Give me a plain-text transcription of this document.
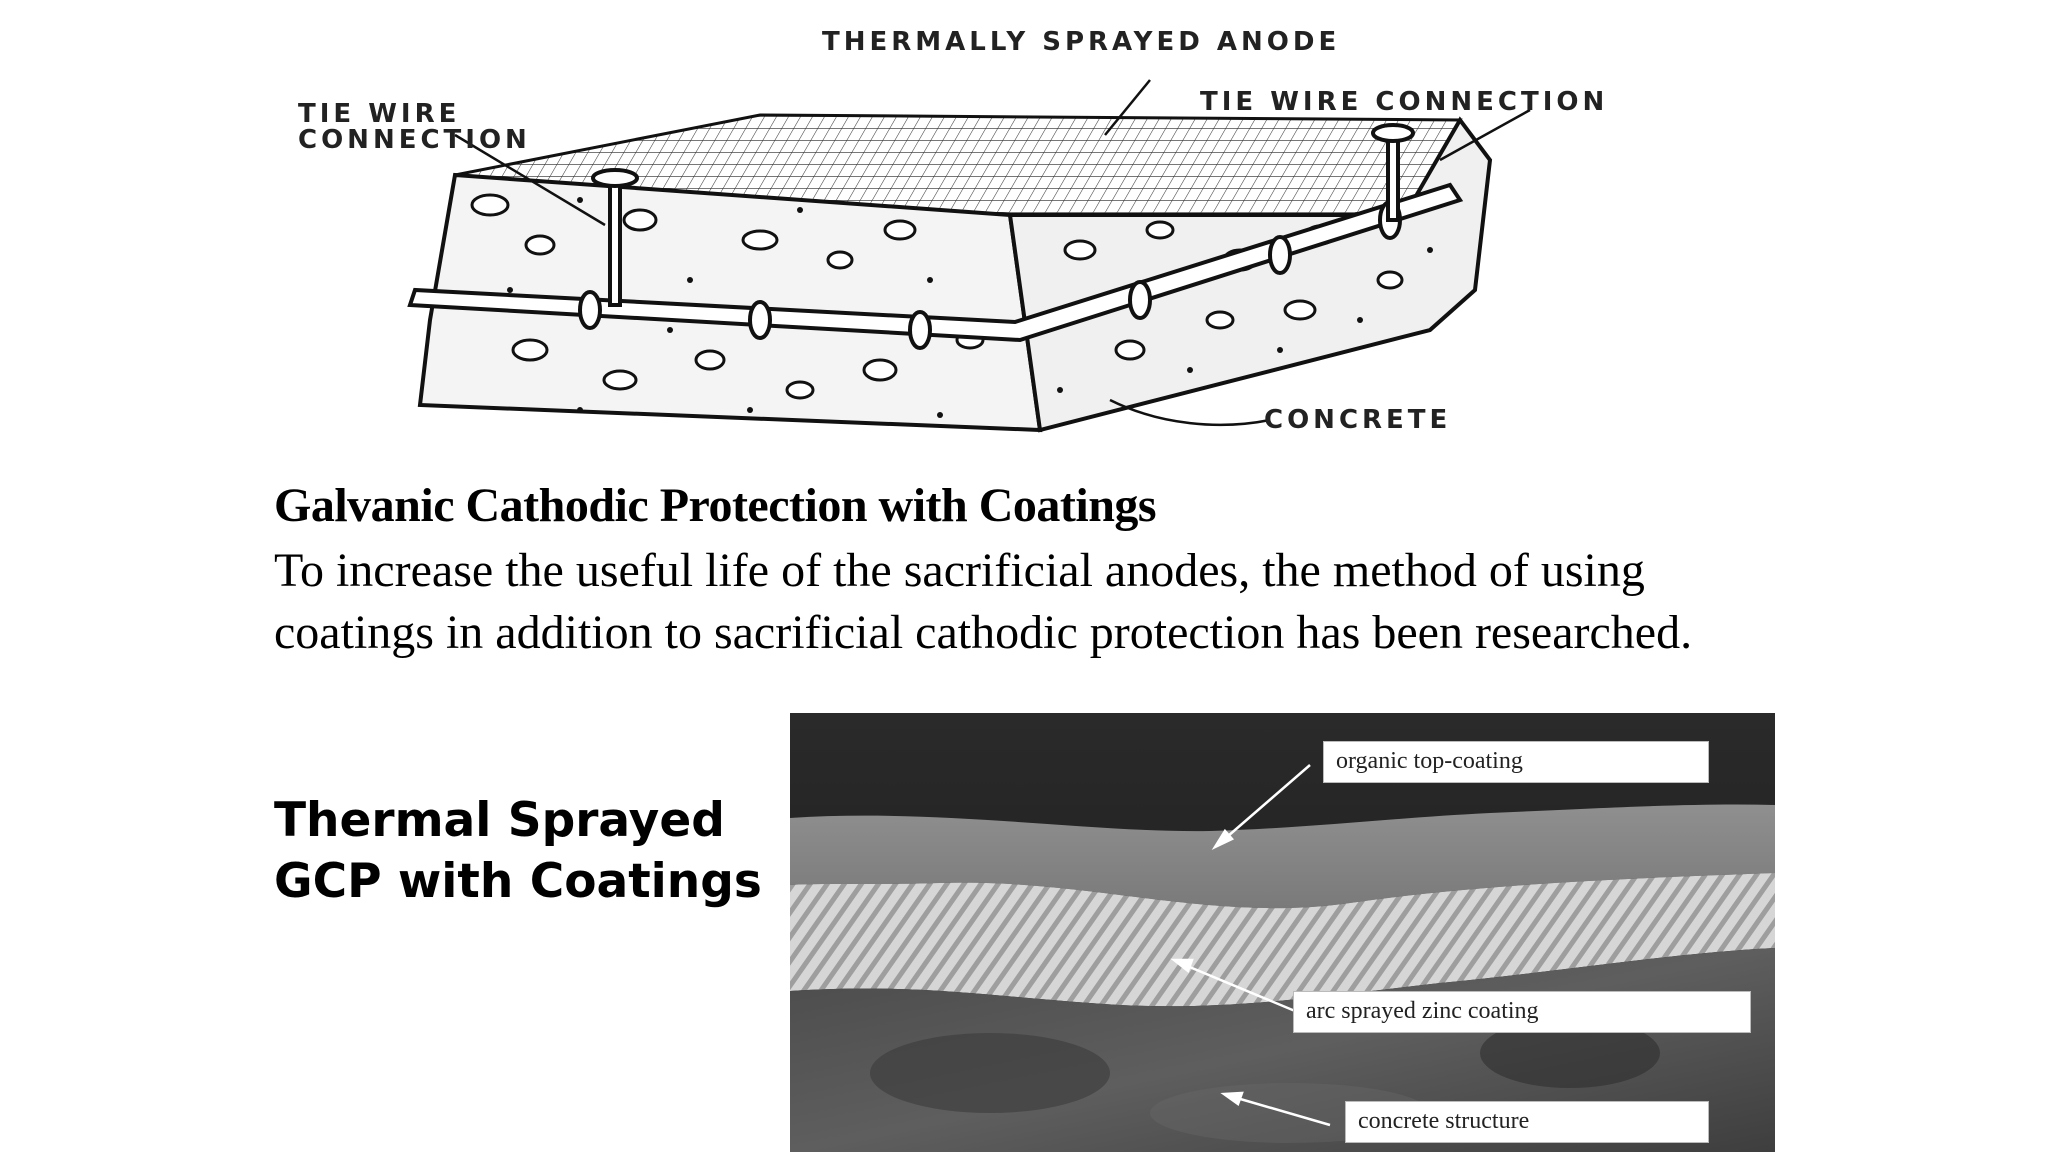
THERMALLY SPRAYED ANODE
TIE WIRE
CONNECTION
TIE WIRE CONNECTION
CONCRETE
Galvanic Cathodic Protection with Coatings
To increase the useful life of the sacrificial anodes, the method of using coatings in addition to sacrificial cathodic protection has been researched.
Thermal Sprayed
GCP with Coatings
organic top-coating
arc sprayed zinc coating
concrete structure
